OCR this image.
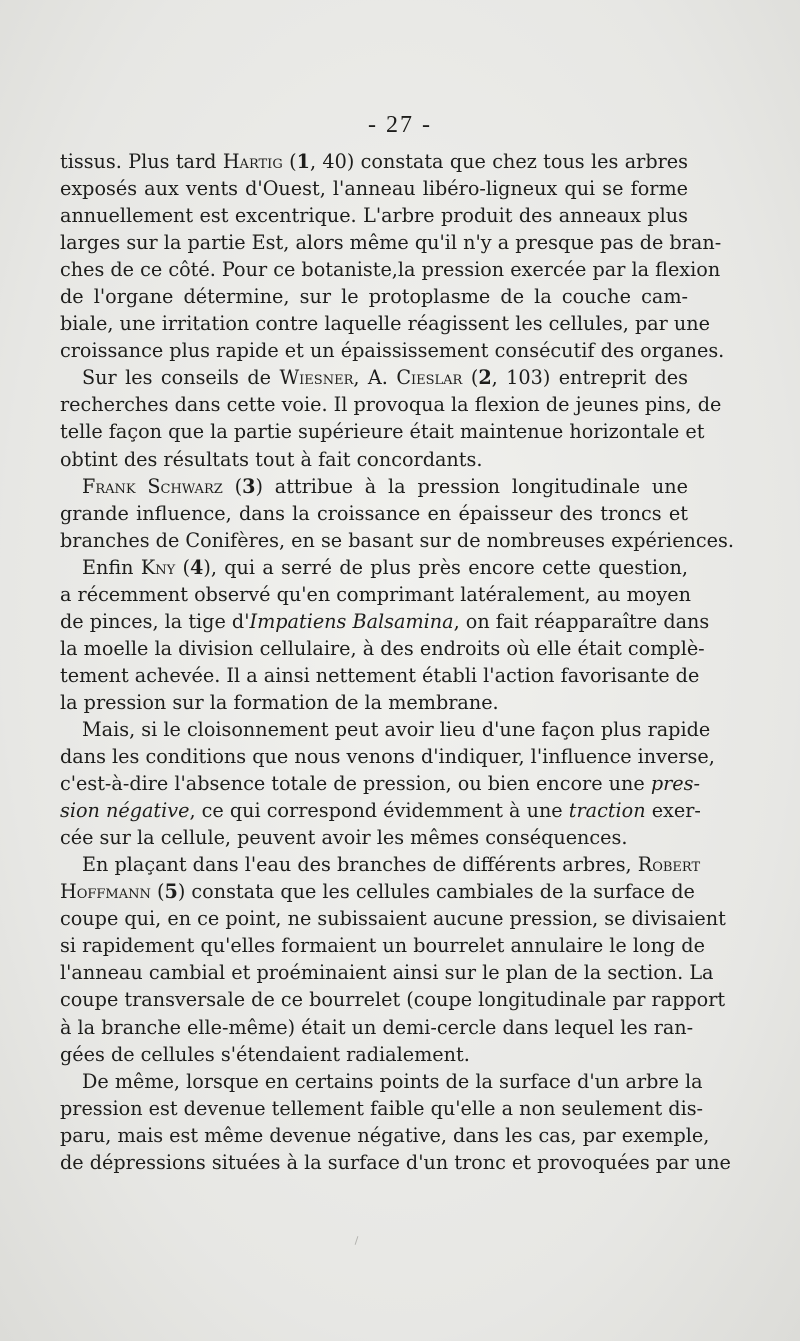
- 27 -
tissus. Plus tard Hartig (1, 40) constata que chez tous les arbres
exposés aux vents d'Ouest, l'anneau libéro-ligneux qui se forme
annuellement est excentrique. L'arbre produit des anneaux plus
larges sur la partie Est, alors même qu'il n'y a presque pas de bran-
ches de ce côté. Pour ce botaniste,la pression exercée par la flexion
de l'organe détermine, sur le protoplasme de la couche cam-
biale, une irritation contre laquelle réagissent les cellules, par une
croissance plus rapide et un épaississement consécutif des organes.
Sur les conseils de Wiesner, A. Cieslar (2, 103) entreprit des
recherches dans cette voie. Il provoqua la flexion de jeunes pins, de
telle façon que la partie supérieure était maintenue horizontale et
obtint des résultats tout à fait concordants.
Frank Schwarz (3) attribue à la pression longitudinale une
grande influence, dans la croissance en épaisseur des troncs et
branches de Conifères, en se basant sur de nombreuses expériences.
Enfin Kny (4), qui a serré de plus près encore cette question,
a récemment observé qu'en comprimant latéralement, au moyen
de pinces, la tige d'Impatiens Balsamina, on fait réapparaître dans
la moelle la division cellulaire, à des endroits où elle était complè-
tement achevée. Il a ainsi nettement établi l'action favorisante de
la pression sur la formation de la membrane.
Mais, si le cloisonnement peut avoir lieu d'une façon plus rapide
dans les conditions que nous venons d'indiquer, l'influence inverse,
c'est-à-dire l'absence totale de pression, ou bien encore une pres-
sion négative, ce qui correspond évidemment à une traction exer-
cée sur la cellule, peuvent avoir les mêmes conséquences.
En plaçant dans l'eau des branches de différents arbres, Robert
Hoffmann (5) constata que les cellules cambiales de la surface de
coupe qui, en ce point, ne subissaient aucune pression, se divisaient
si rapidement qu'elles formaient un bourrelet annulaire le long de
l'anneau cambial et proéminaient ainsi sur le plan de la section. La
coupe transversale de ce bourrelet (coupe longitudinale par rapport
à la branche elle-même) était un demi-cercle dans lequel les ran-
gées de cellules s'étendaient radialement.
De même, lorsque en certains points de la surface d'un arbre la
pression est devenue tellement faible qu'elle a non seulement dis-
paru, mais est même devenue négative, dans les cas, par exemple,
de dépressions situées à la surface d'un tronc et provoquées par une
